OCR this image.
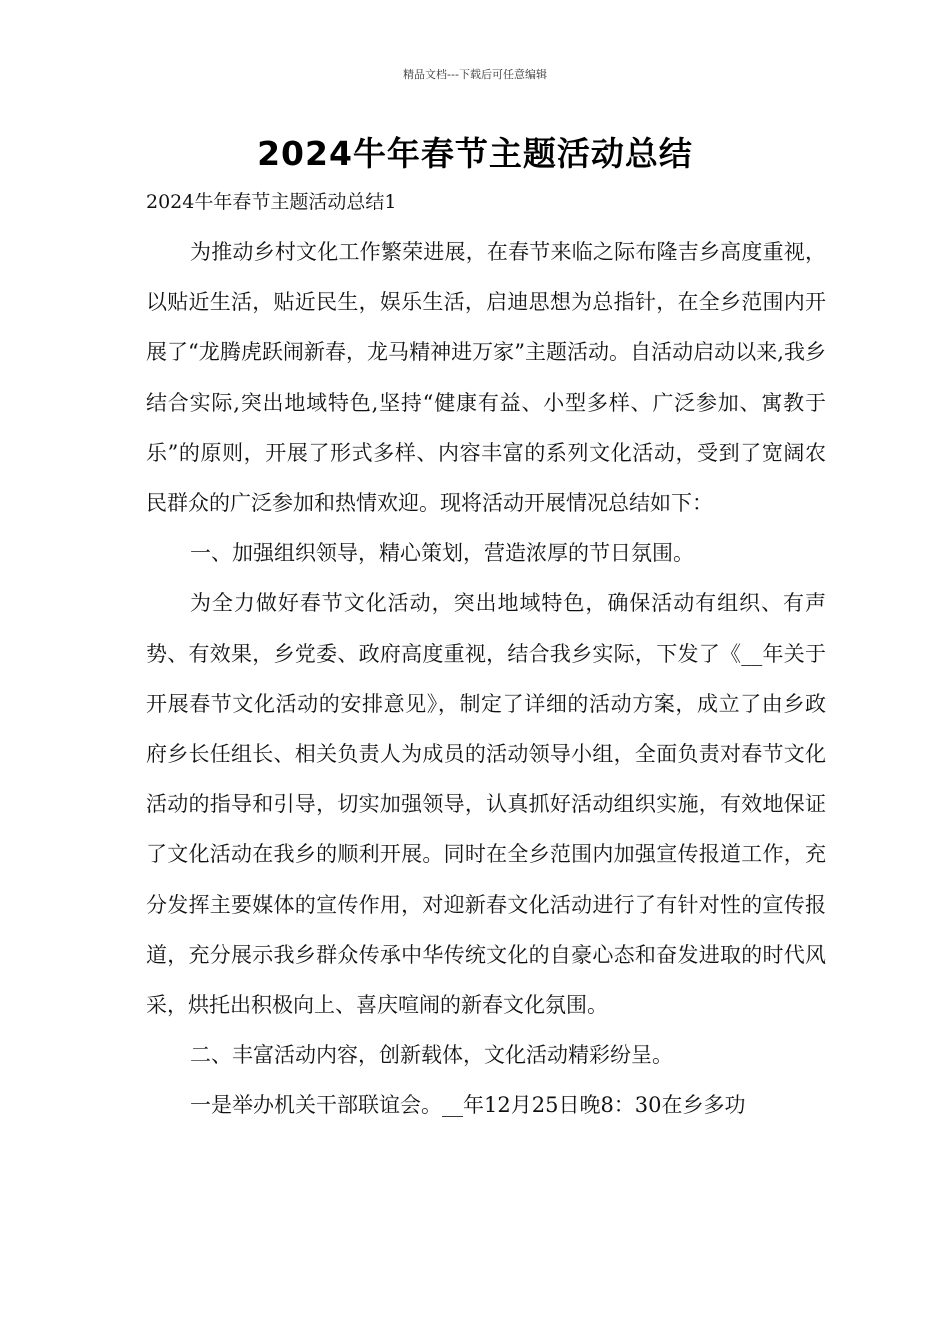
精品文档---下载后可任意编辑
2024牛年春节主题活动总结
2024牛年春节主题活动总结1

为推动乡村文化工作繁荣进展，在春节来临之际布隆吉乡高度重视，以贴近生活，贴近民生，娱乐生活，启迪思想为总指针，在全乡范围内开展了“龙腾虎跃闹新春，龙马精神进万家”主题活动。自活动启动以来,我乡结合实际,突出地域特色,坚持“健康有益、小型多样、广泛参加、寓教于乐”的原则，开展了形式多样、内容丰富的系列文化活动，受到了宽阔农民群众的广泛参加和热情欢迎。现将活动开展情况总结如下：

一、加强组织领导，精心策划，营造浓厚的节日氛围。

为全力做好春节文化活动，突出地域特色，确保活动有组织、有声势、有效果，乡党委、政府高度重视，结合我乡实际，下发了《__年关于开展春节文化活动的安排意见》，制定了详细的活动方案，成立了由乡政府乡长任组长、相关负责人为成员的活动领导小组，全面负责对春节文化活动的指导和引导，切实加强领导，认真抓好活动组织实施，有效地保证了文化活动在我乡的顺利开展。同时在全乡范围内加强宣传报道工作，充分发挥主要媒体的宣传作用，对迎新春文化活动进行了有针对性的宣传报道，充分展示我乡群众传承中华传统文化的自豪心态和奋发进取的时代风采，烘托出积极向上、喜庆喧闹的新春文化氛围。

二、丰富活动内容，创新载体，文化活动精彩纷呈。

一是举办机关干部联谊会。__年12月25日晚8：30在乡多功
